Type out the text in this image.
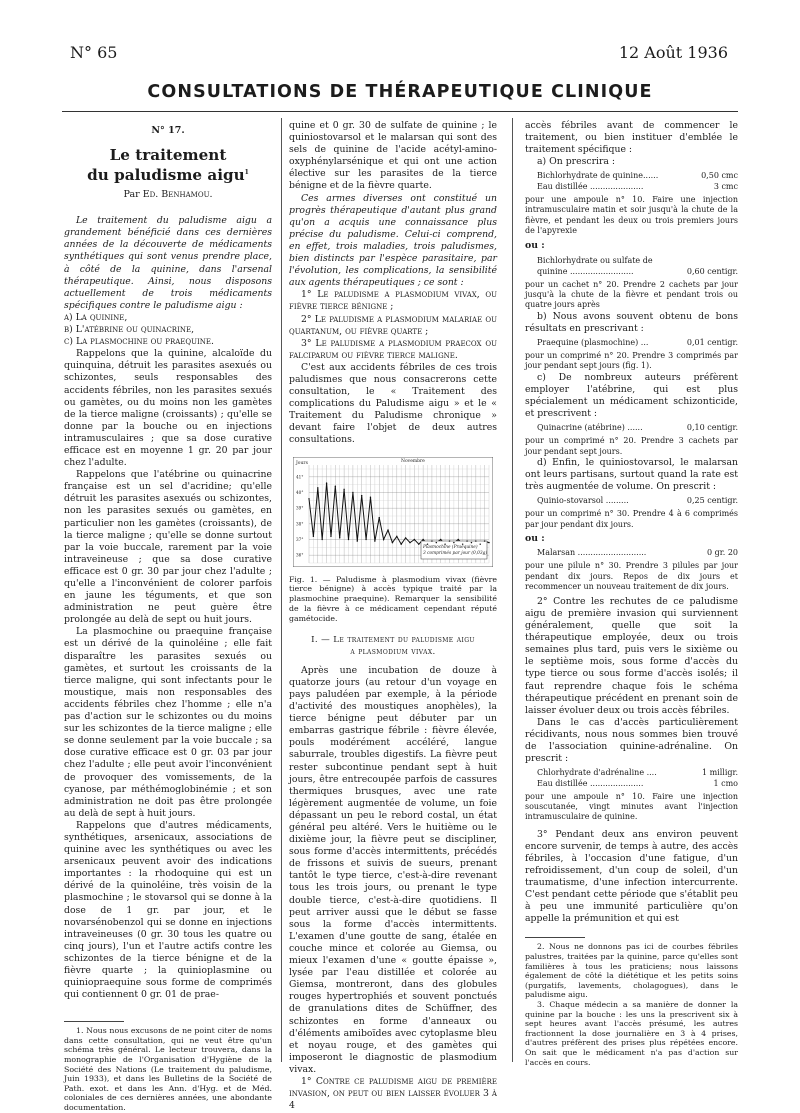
N° 65	12 Août 1936
CONSULTATIONS DE THÉRAPEUTIQUE CLINIQUE

N° 17.

Le traitement
du paludisme aigu$^1$

Par Ed. Benhamou.

Le traitement du paludisme aigu a grandement bénéficié dans ces dernières années de la découverte de médicaments synthétiques qui sont venus prendre place, à côté de la quinine, dans l'arsenal thérapeutique. Ainsi, nous disposons actuellement de trois médicaments spécifiques contre le paludisme aigu :

a) La quinine,

b) L'atébrine ou quinacrine,

c) La plasmochine ou praequine.

Rappelons que la quinine, alcaloïde du quinquina, détruit les parasites asexués ou schizontes, seuls responsables des accidents fébriles, non les parasites sexués ou gamètes, ou du moins non les gamètes de la tierce maligne (croissants) ; qu'elle se donne par la bouche ou en injections intramusculaires ; que sa dose curative efficace est en moyenne 1 gr. 20 par jour chez l'adulte.

Rappelons que l'atébrine ou quinacrine française est un sel d'acridine; qu'elle détruit les parasites asexués ou schizontes, non les parasites sexués ou gamètes, en particulier non les gamètes (croissants), de la tierce maligne ; qu'elle se donne surtout par la voie buccale, rarement par la voie intraveineuse ; que sa dose curative efficace est 0 gr. 30 par jour chez l'adulte ; qu'elle a l'inconvénient de colorer parfois en jaune les téguments, et que son administration ne peut guère être prolongée au delà de sept ou huit jours.

La plasmochine ou praequine française est un dérivé de la quinoléine ; elle fait disparaître les parasites sexués ou gamètes, et surtout les croissants de la tierce maligne, qui sont infectants pour le moustique, mais non responsables des accidents fébriles chez l'homme ; elle n'a pas d'action sur le schizontes ou du moins sur les schizontes de la tierce maligne ; elle se donne seulement par la voie buccale ; sa dose curative efficace est 0 gr. 03 par jour chez l'adulte ; elle peut avoir l'inconvénient de provoquer des vomissements, de la cyanose, par méthémoglobinémie ; et son administration ne doit pas être prolongée au delà de sept à huit jours.

Rappelons que d'autres médicaments, synthétiques, arsenicaux, associations de quinine avec les synthétiques ou avec les arsenicaux peuvent avoir des indications importantes : la rhodoquine qui est un dérivé de la quinoléine, très voisin de la plasmochine ; le stovarsol qui se donne à la dose de 1 gr. par jour, et le novarsénobenzol qui se donne en injections intraveineuses (0 gr. 30 tous les quatre ou cinq jours), l'un et l'autre actifs contre les schizontes de la tierce bénigne et de la fièvre quarte ; la quinioplasmine ou quiniopraequine sous forme de comprimés qui contiennent 0 gr. 01 de prae-

1. Nous nous excusons de ne point citer de noms dans cette consultation, qui ne veut être qu'un schéma très général. Le lecteur trouvera, dans la monographie de l'Organisation d'Hygiène de la Société des Nations (Le traitement du paludisme, Juin 1933), et dans les Bulletins de la Société de Path. exot. et dans les Ann. d'Hyg. et de Méd. coloniales de ces dernières années, une abondante documentation.

quine et 0 gr. 30 de sulfate de quinine ; le quiniostovarsol et le malarsan qui sont des sels de quinine de l'acide acétyl-amino-oxyphénylarsénique et qui ont une action élective sur les parasites de la tierce bénigne et de la fièvre quarte.

Ces armes diverses ont constitué un progrès thérapeutique d'autant plus grand qu'on a acquis une connaissance plus précise du paludisme. Celui-ci comprend, en effet, trois maladies, trois paludismes, bien distincts par l'espèce parasitaire, par l'évolution, les complications, la sensibilité aux agents thérapeutiques ; ce sont :

1° Le paludisme a plasmodium vivax, ou fièvre tierce bénigne ;

2° Le paludisme a plasmodium malariae ou quartanum, ou fièvre quarte ;

3° Le paludisme a plasmodium praecox ou falciparum ou fièvre tierce maligne.

C'est aux accidents fébriles de ces trois paludismes que nous consacrerons cette consultation, le « Traitement des complications du Paludisme aigu » et le « Traitement du Paludisme chronique » devant faire l'objet de deux autres consultations.

Jours	Novembre
36°
37°
38°
39°
40°
41°
Plasmochine (Praequine) 3 comprimés par jour (0,03g)

Fig. 1. — Paludisme à plasmodium vivax (fièvre tierce bénigne) à accès typique traité par la plasmochine praequine). Remarquer la sensibilité de la fièvre à ce médicament cependant réputé gamétocide.

I. — Le traitement du paludisme aigu
a plasmodium vivax.

Après une incubation de douze à quatorze jours (au retour d'un voyage en pays paludéen par exemple, à la période d'activité des moustiques anophèles), la tierce bénigne peut débuter par un embarras gastrique fébrile : fièvre élevée, pouls modérément accéléré, langue saburrale, troubles digestifs. La fièvre peut rester subcontinue pendant sept à huit jours, être entrecoupée parfois de cassures thermiques brusques, avec une rate légèrement augmentée de volume, un foie dépassant un peu le rebord costal, un état général peu altéré. Vers le huitième ou le dixième jour, la fièvre peut se discipliner, sous forme d'accès intermittents, précédés de frissons et suivis de sueurs, prenant tantôt le type tierce, c'est-à-dire revenant tous les trois jours, ou prenant le type double tierce, c'est-à-dire quotidiens. Il peut arriver aussi que le début se fasse sous la forme d'accès intermittents. L'examen d'une goutte de sang, étalée en couche mince et colorée au Giemsa, ou mieux l'examen d'une « goutte épaisse », lysée par l'eau distillée et colorée au Giemsa, montreront, dans des globules rouges hypertrophiés et souvent ponctués de granulations dites de Schüffner, des schizontes en forme d'anneaux ou d'éléments amiboïdes avec cytoplasme bleu et noyau rouge, et des gamètes qui imposeront le diagnostic de plasmodium vivax.

1° Contre ce paludisme aigu de première invasion, on peut ou bien laisser évoluer 3 à 4

accès fébriles avant de commencer le traitement, ou bien instituer d'emblée le traitement spécifique :

a) On prescrira :

Bichlorhydrate de quinine......	0,50 cmc
Eau distillée .....................	3 cmc

pour une ampoule n° 10. Faire une injection intramusculaire matin et soir jusqu'à la chute de la fièvre, et pendant les deux ou trois premiers jours de l'apyrexie

ou :

Bichlorhydrate ou sulfate de
quinine .........................	0,60 centigr.

pour un cachet n° 20. Prendre 2 cachets par jour jusqu'à la chute de la fièvre et pendant trois ou quatre jours après

b) Nous avons souvent obtenu de bons résultats en prescrivant :

Praequine (plasmochine) ...	0,01 centigr.

pour un comprimé n° 20. Prendre 3 comprimés par jour pendant sept jours (fig. 1).

c) De nombreux auteurs préfèrent employer l'atébrine, qui est plus spécialement un médicament schizonticide, et prescrivent :

Quinacrine (atébrine) ......	0,10 centigr.

pour un comprimé n° 20. Prendre 3 cachets par jour pendant sept jours.

d) Enfin, le quiniostovarsol, le malarsan ont leurs partisans, surtout quand la rate est très augmentée de volume. On prescrit :

Quinio-stovarsol .........	0,25 centigr.

pour un comprimé n° 30. Prendre 4 à 6 comprimés par jour pendant dix jours.

ou :

Malarsan ...........................	0 gr. 20

pour une pilule n° 30. Prendre 3 pilules par jour pendant dix jours. Repos de dix jours et recommencer un nouveau traitement de dix jours.

2° Contre les rechutes de ce paludisme aigu de première invasion qui surviennent généralement, quelle que soit la thérapeutique employée, deux ou trois semaines plus tard, puis vers le sixième ou le septième mois, sous forme d'accès du type tierce ou sous forme d'accès isolés; il faut reprendre chaque fois le schéma thérapeutique précédent en prenant soin de laisser évoluer deux ou trois accès fébriles.

Dans le cas d'accès particulièrement récidivants, nous nous sommes bien trouvé de l'association quinine-adrénaline. On prescrit :

Chlorhydrate d'adrénaline ....	1 milligr.
Eau distillée .....................	1 cmo

pour une ampoule n° 10. Faire une injection souscutanée, vingt minutes avant l'injection intramusculaire de quinine.

3° Pendant deux ans environ peuvent encore survenir, de temps à autre, des accès fébriles, à l'occasion d'une fatigue, d'un refroidissement, d'un coup de soleil, d'un traumatisme, d'une infection intercurrente. C'est pendant cette période que s'établit peu à peu une immunité particulière qu'on appelle la prémunition et qui est

2. Nous ne donnons pas ici de courbes fébriles palustres, traitées par la quinine, parce qu'elles sont familières à tous les praticiens; nous laissons également de côté la diététique et les petits soins (purgatifs, lavements, cholagogues), dans le paludisme aigu.

3. Chaque médecin a sa manière de donner la quinine par la bouche : les uns la prescrivent six à sept heures avant l'accès présumé, les autres fractionnent la dose journalière en 3 à 4 prises, d'autres préfèrent des prises plus répétées encore. On sait que le médicament n'a pas d'action sur l'accès en cours.
